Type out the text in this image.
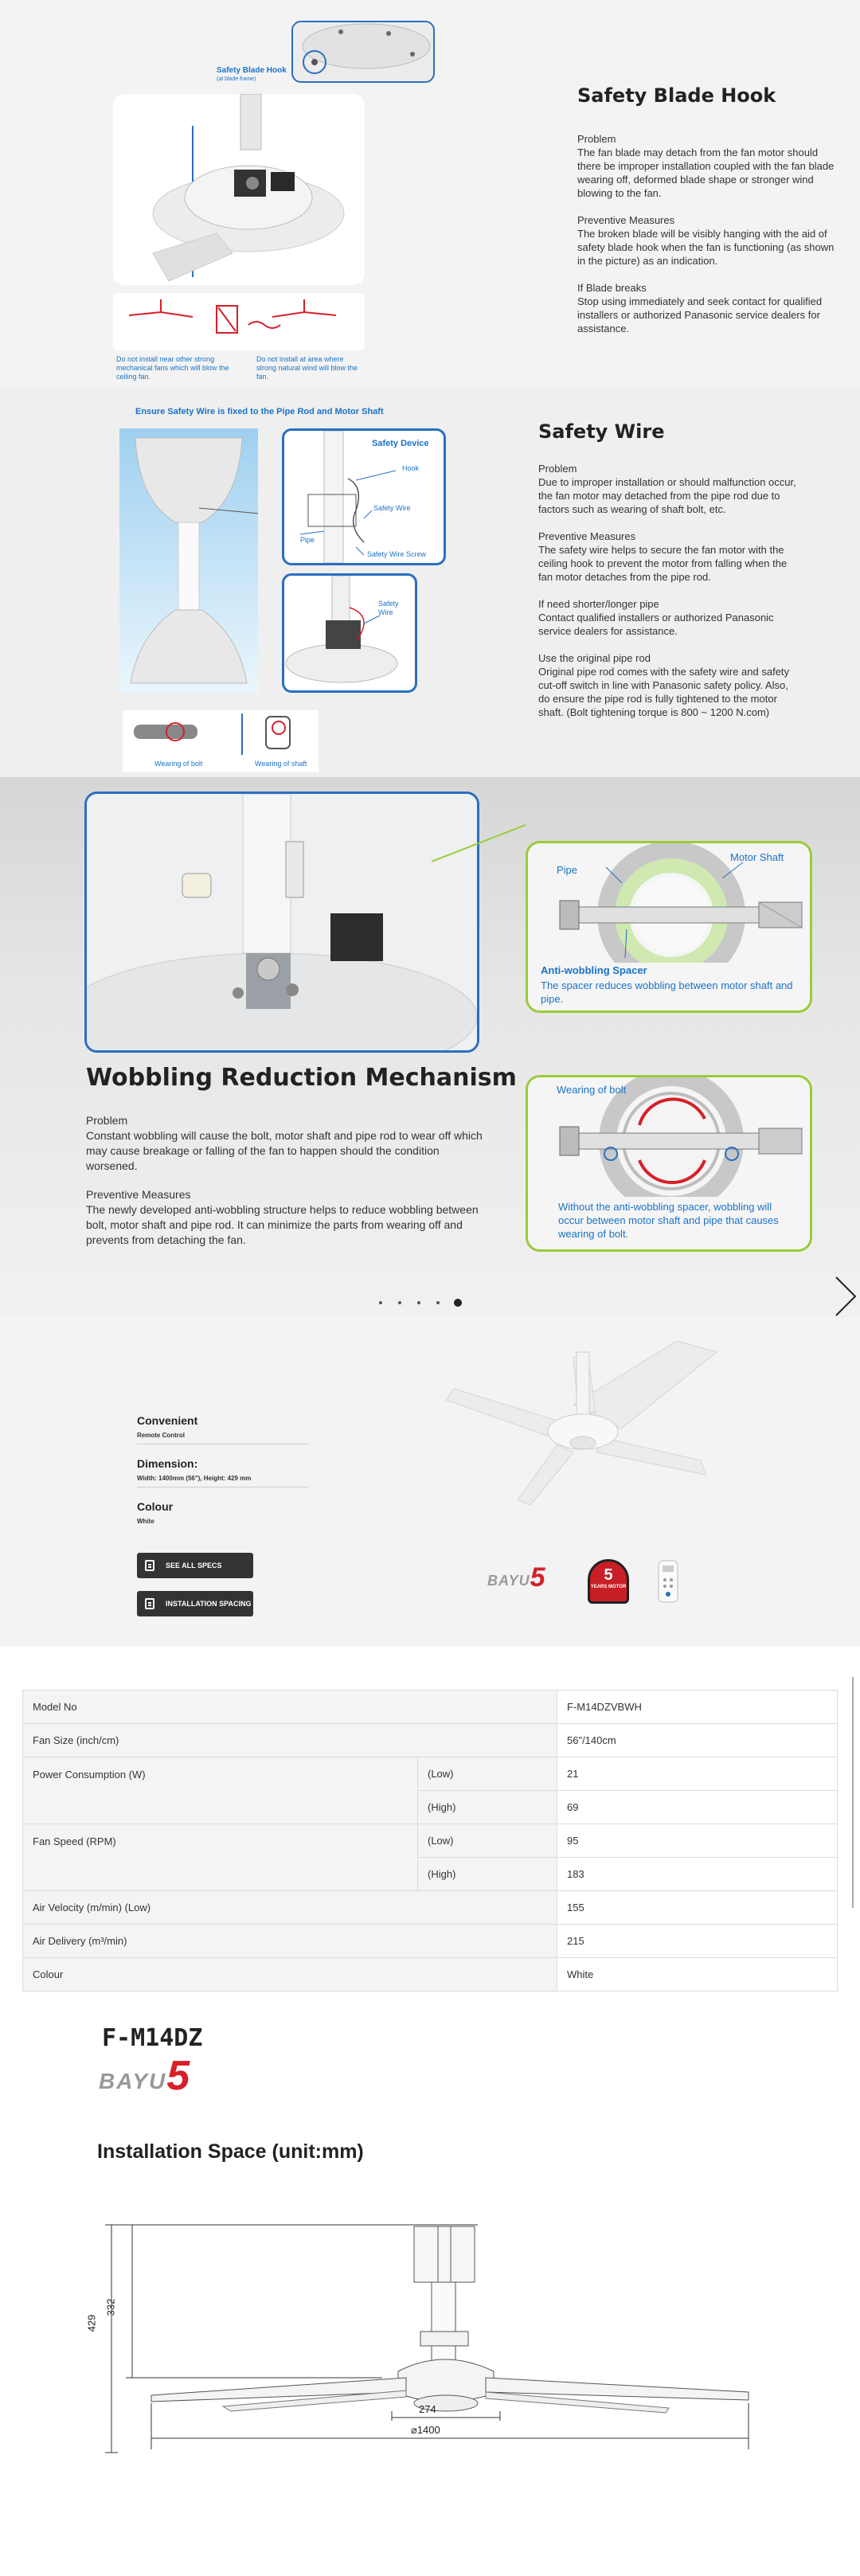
Safety Blade Hook
(at blade frame)
Do not install near other strong mechanical fans which will blow the ceiling fan.
Do not install at area where strong natural wind will blow the fan.
Safety Blade Hook
Problem
The fan blade may detach from the fan motor should there be improper installation coupled with the fan blade wearing off, deformed blade shape or stronger wind blowing to the fan.
Preventive Measures
The broken blade will be visibly hanging with the aid of safety blade hook when the fan is functioning (as shown in the picture) as an indication.
If Blade breaks
Stop using immediately and seek contact for qualified installers or authorized Panasonic service dealers for assistance.
Ensure Safety Wire is fixed to the Pipe Rod and Motor Shaft
Safety Device
Hook
Safety Wire
Pipe
Safety Wire Screw
Safety Wire
Wearing of bolt	Wearing of shaft
Safety Wire
Problem
Due to improper installation or should malfunction occur, the fan motor may detached from the pipe rod due to factors such as wearing of shaft bolt, etc.
Preventive Measures
The safety wire helps to secure the fan motor with the ceiling hook to prevent the motor from falling when the fan motor detaches from the pipe rod.
If need shorter/longer pipe
Contact qualified installers or authorized Panasonic service dealers for assistance.
Use the original pipe rod
Original pipe rod comes with the safety wire and safety cut-off switch in line with Panasonic safety policy. Also, do ensure the pipe rod is fully tightened to the motor shaft. (Bolt tightening torque is 800 ~ 1200 N.com)
Pipe
Motor Shaft
Anti-wobbling Spacer
The spacer reduces wobbling between motor shaft and pipe.
Wearing of bolt
Without the anti-wobbling spacer, wobbling will occur between motor shaft and pipe that causes wearing of bolt.
Wobbling Reduction Mechanism
Problem
Constant wobbling will cause the bolt, motor shaft and pipe rod to wear off which may cause breakage or falling of the fan to happen should the condition worsened.
Preventive Measures
The newly developed anti-wobbling structure helps to reduce wobbling between bolt, motor shaft and pipe rod. It can minimize the parts from wearing off and prevents from detaching the fan.
Convenient
Remote Control
Dimension:
Width: 1400mm (56"), Height: 429 mm
Colour
White
SEE ALL SPECS
INSTALLATION SPACING
BAYU 5	5
YEARS MOTOR
Model No		F-M14DZVBWH
Fan Size (inch/cm)		56"/140cm
Power Consumption (W)	(Low)	21
	(High)	69
Fan Speed (RPM)	(Low)	95
	(High)	183
Air Velocity (m/min) (Low)		155
Air Delivery (m³/min)		215
Colour		White
F-M14DZ
BAYU 5
Installation Space (unit:mm)
429
332
274
⌀1400
